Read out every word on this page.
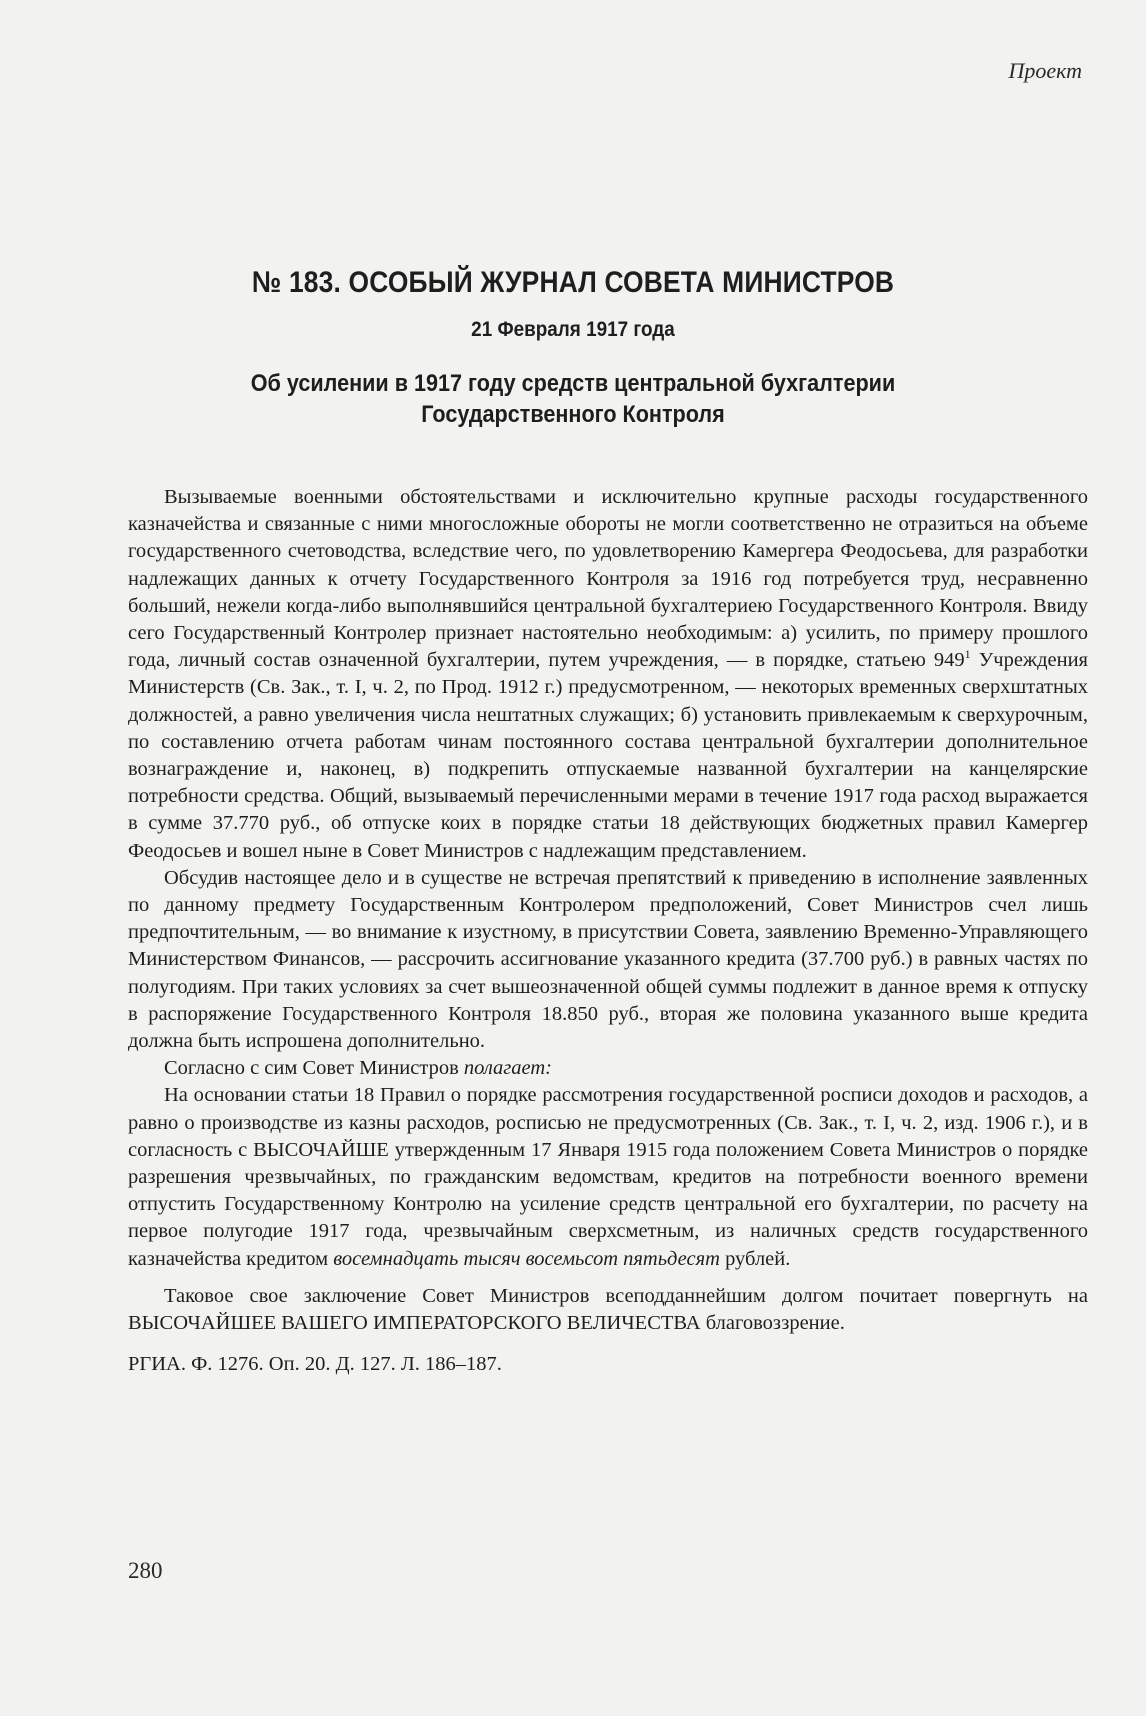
Проект
№ 183. ОСОБЫЙ ЖУРНАЛ СОВЕТА МИНИСТРОВ
21 Февраля 1917 года
Об усилении в 1917 году средств центральной бухгалтерии
Государственного Контроля

Вызываемые военными обстоятельствами и исключительно крупные расходы государственного казначейства и связанные с ними многосложные обороты не могли соответственно не отразиться на объеме государственного счетоводства, вследствие чего, по удовлетворению Камергера Феодосьева, для разработки надлежащих данных к отчету Государственного Контроля за 1916 год потребуется труд, несравненно больший, нежели когда-либо выполнявшийся центральной бухгалтериею Государственного Контроля. Ввиду сего Государственный Контролер признает настоятельно необходимым: а) усилить, по примеру прошлого года, личный состав означенной бухгалтерии, путем учреждения, — в порядке, статьею $949^1$ Учреждения Министерств (Св. Зак., т. I, ч. 2, по Прод. 1912 г.) предусмотренном, — некоторых временных сверхштатных должностей, а равно увеличения числа нештатных служащих; б) установить привлекаемым к сверхурочным, по составлению отчета работам чинам постоянного состава центральной бухгалтерии дополнительное вознаграждение и, наконец, в) подкрепить отпускаемые названной бухгалтерии на канцелярские потребности средства. Общий, вызываемый перечисленными мерами в течение 1917 года расход выражается в сумме 37.770 руб., об отпуске коих в порядке статьи 18 действующих бюджетных правил Камергер Феодосьев и вошел ныне в Совет Министров с надлежащим представлением.

Обсудив настоящее дело и в существе не встречая препятствий к приведению в исполнение заявленных по данному предмету Государственным Контролером предположений, Совет Министров счел лишь предпочтительным, — во внимание к изустному, в присутствии Совета, заявлению Временно-Управляющего Министерством Финансов, — рассрочить ассигнование указанного кредита (37.700 руб.) в равных частях по полугодиям. При таких условиях за счет вышеозначенной общей суммы подлежит в данное время к отпуску в распоряжение Государственного Контроля 18.850 руб., вторая же половина указанного выше кредита должна быть испрошена дополнительно.

Согласно с сим Совет Министров полагает:

На основании статьи 18 Правил о порядке рассмотрения государственной росписи доходов и расходов, а равно о производстве из казны расходов, росписью не предусмотренных (Св. Зак., т. I, ч. 2, изд. 1906 г.), и в согласность с ВЫСОЧАЙШЕ утвержденным 17 Января 1915 года положением Совета Министров о порядке разрешения чрезвычайных, по гражданским ведомствам, кредитов на потребности военного времени отпустить Государственному Контролю на усиление средств центральной его бухгалтерии, по расчету на первое полугодие 1917 года, чрезвычайным сверхсметным, из наличных средств государственного казначейства кредитом восемнадцать тысяч восемьсот пятьдесят рублей.

Таковое свое заключение Совет Министров всеподданнейшим долгом почитает повергнуть на ВЫСОЧАЙШЕЕ ВАШЕГО ИМПЕРАТОРСКОГО ВЕЛИЧЕСТВА благовоззрение.

РГИА. Ф. 1276. Оп. 20. Д. 127. Л. 186–187.

280
